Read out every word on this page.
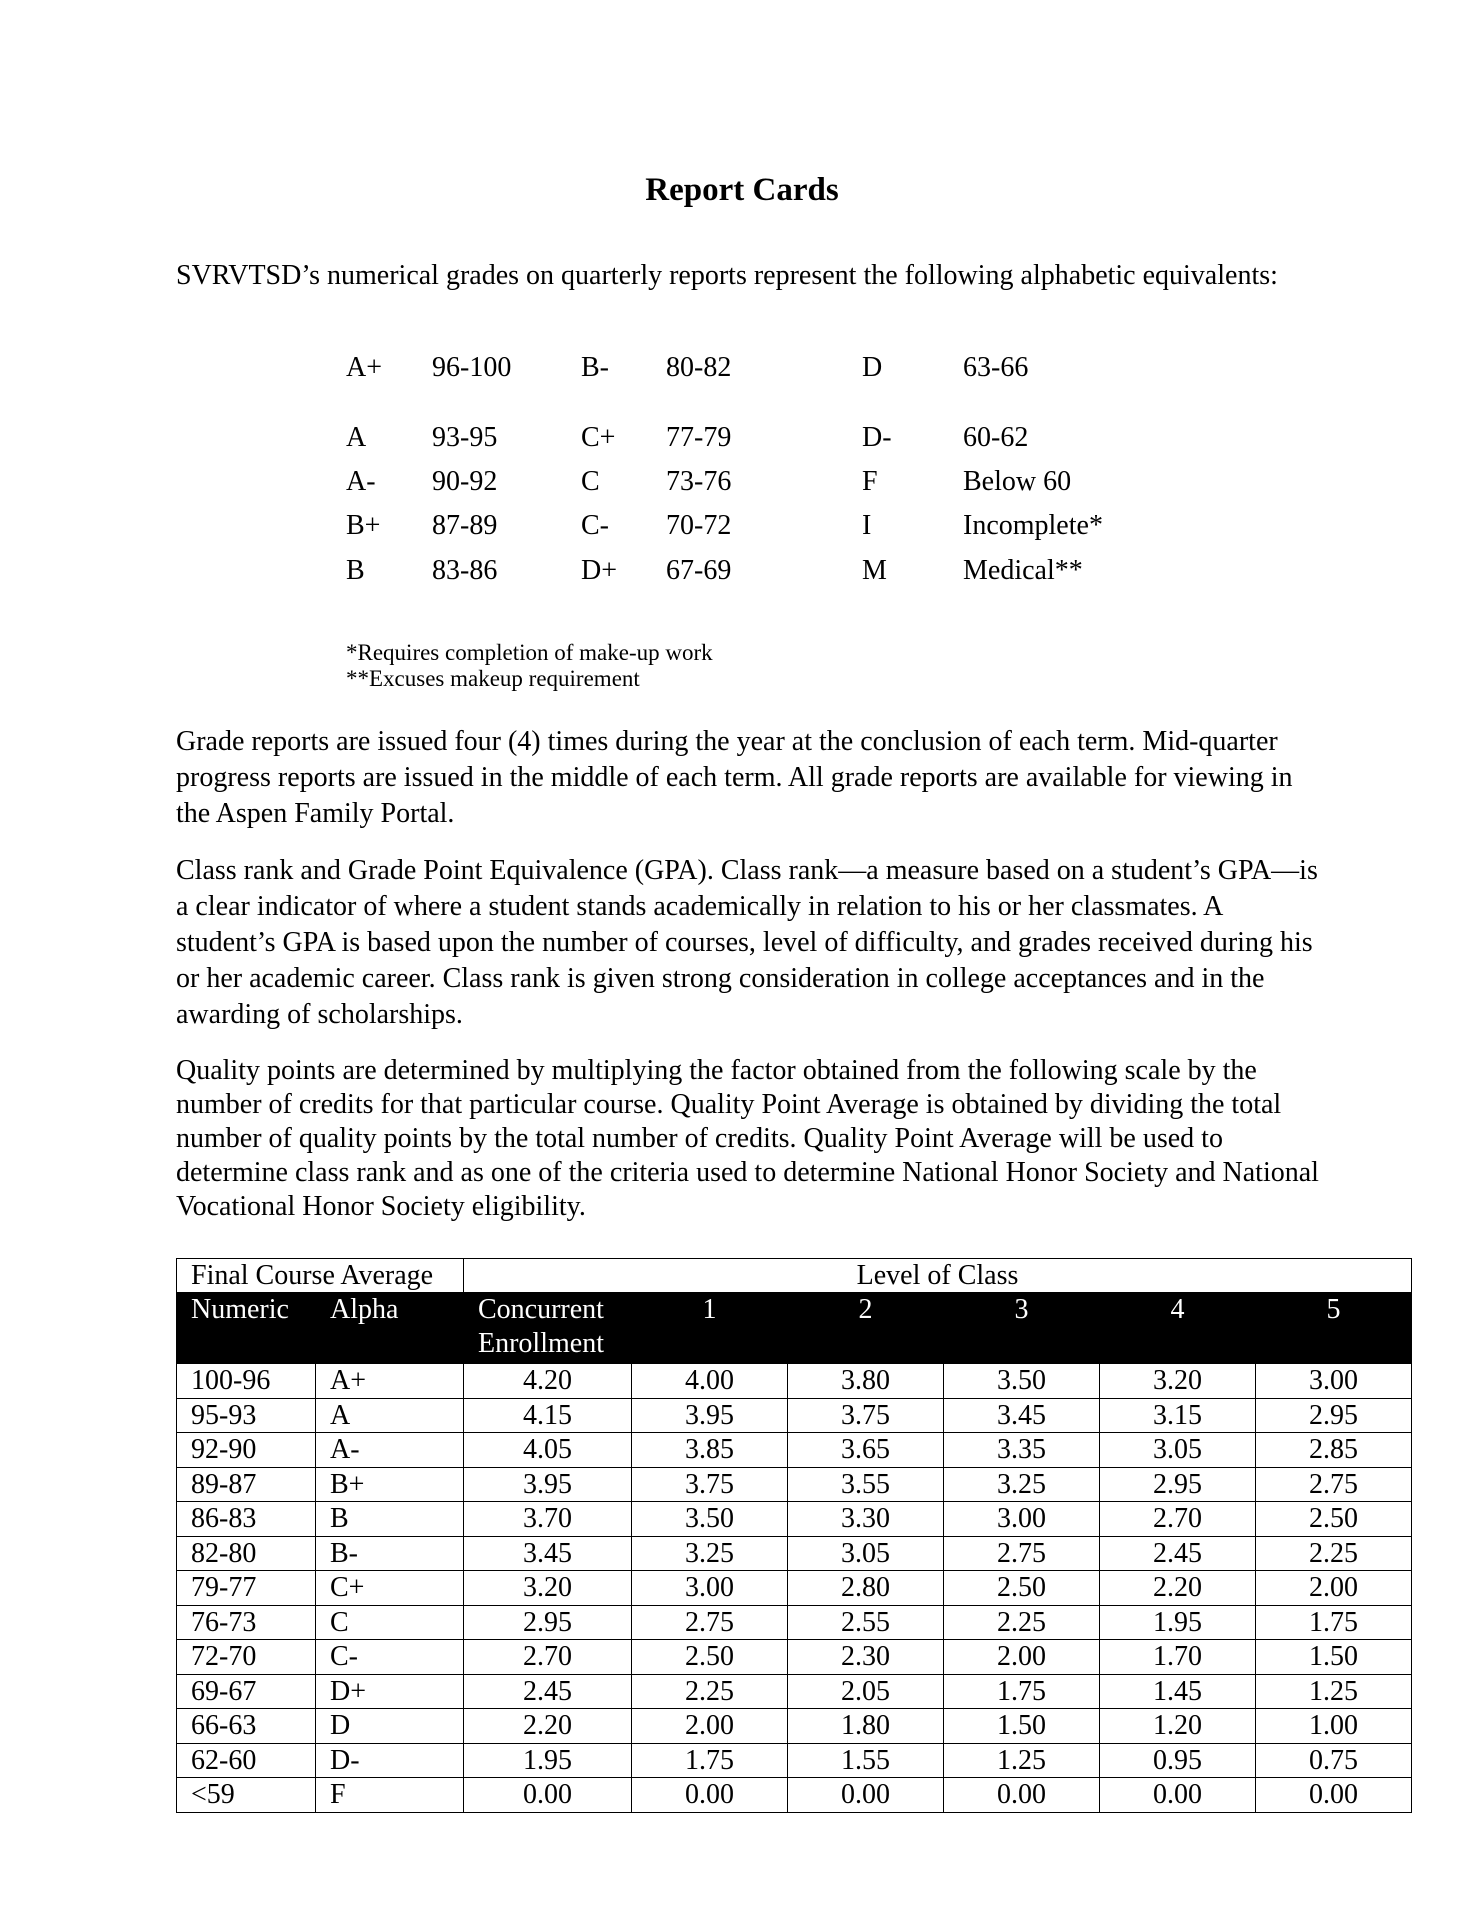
Report Cards
SVRVTSD’s numerical grades on quarterly reports represent the following alphabetic equivalents:
A+ 96-100 B- 80-82	D	63-66
A 93-95	C+ 77-79	D-	60-62
A- 90-92	C 73-76	F	Below 60
B+ 87-89	C- 70-72	I	Incomplete*
B 83-86	D+ 67-69	M	Medical**
*Requires completion of make-up work
**Excuses makeup requirement
Grade reports are issued four (4) times during the year at the conclusion of each term. Mid-quarter progress reports are issued in the middle of each term. All grade reports are available for viewing in the Aspen Family Portal.
Class rank and Grade Point Equivalence (GPA). Class rank—a measure based on a student’s GPA—is a clear indicator of where a student stands academically in relation to his or her classmates. A student’s GPA is based upon the number of courses, level of difficulty, and grades received during his or her academic career. Class rank is given strong consideration in college acceptances and in the awarding of scholarships.
Quality points are determined by multiplying the factor obtained from the following scale by the number of credits for that particular course. Quality Point Average is obtained by dividing the total number of quality points by the total number of credits. Quality Point Average will be used to determine class rank and as one of the criteria used to determine National Honor Society and National Vocational Honor Society eligibility.
Final Course Average		Level of Class					
Numeric	Alpha	Concurrent Enrollment	1	2	3	4	5
100-96	A+	4.20	4.00	3.80	3.50	3.20	3.00
95-93	A	4.15	3.95	3.75	3.45	3.15	2.95
92-90	A-	4.05	3.85	3.65	3.35	3.05	2.85
89-87	B+	3.95	3.75	3.55	3.25	2.95	2.75
86-83	B	3.70	3.50	3.30	3.00	2.70	2.50
82-80	B-	3.45	3.25	3.05	2.75	2.45	2.25
79-77	C+	3.20	3.00	2.80	2.50	2.20	2.00
76-73	C	2.95	2.75	2.55	2.25	1.95	1.75
72-70	C-	2.70	2.50	2.30	2.00	1.70	1.50
69-67	D+	2.45	2.25	2.05	1.75	1.45	1.25
66-63	D	2.20	2.00	1.80	1.50	1.20	1.00
62-60	D-	1.95	1.75	1.55	1.25	0.95	0.75
<59	F	0.00	0.00	0.00	0.00	0.00	0.00
